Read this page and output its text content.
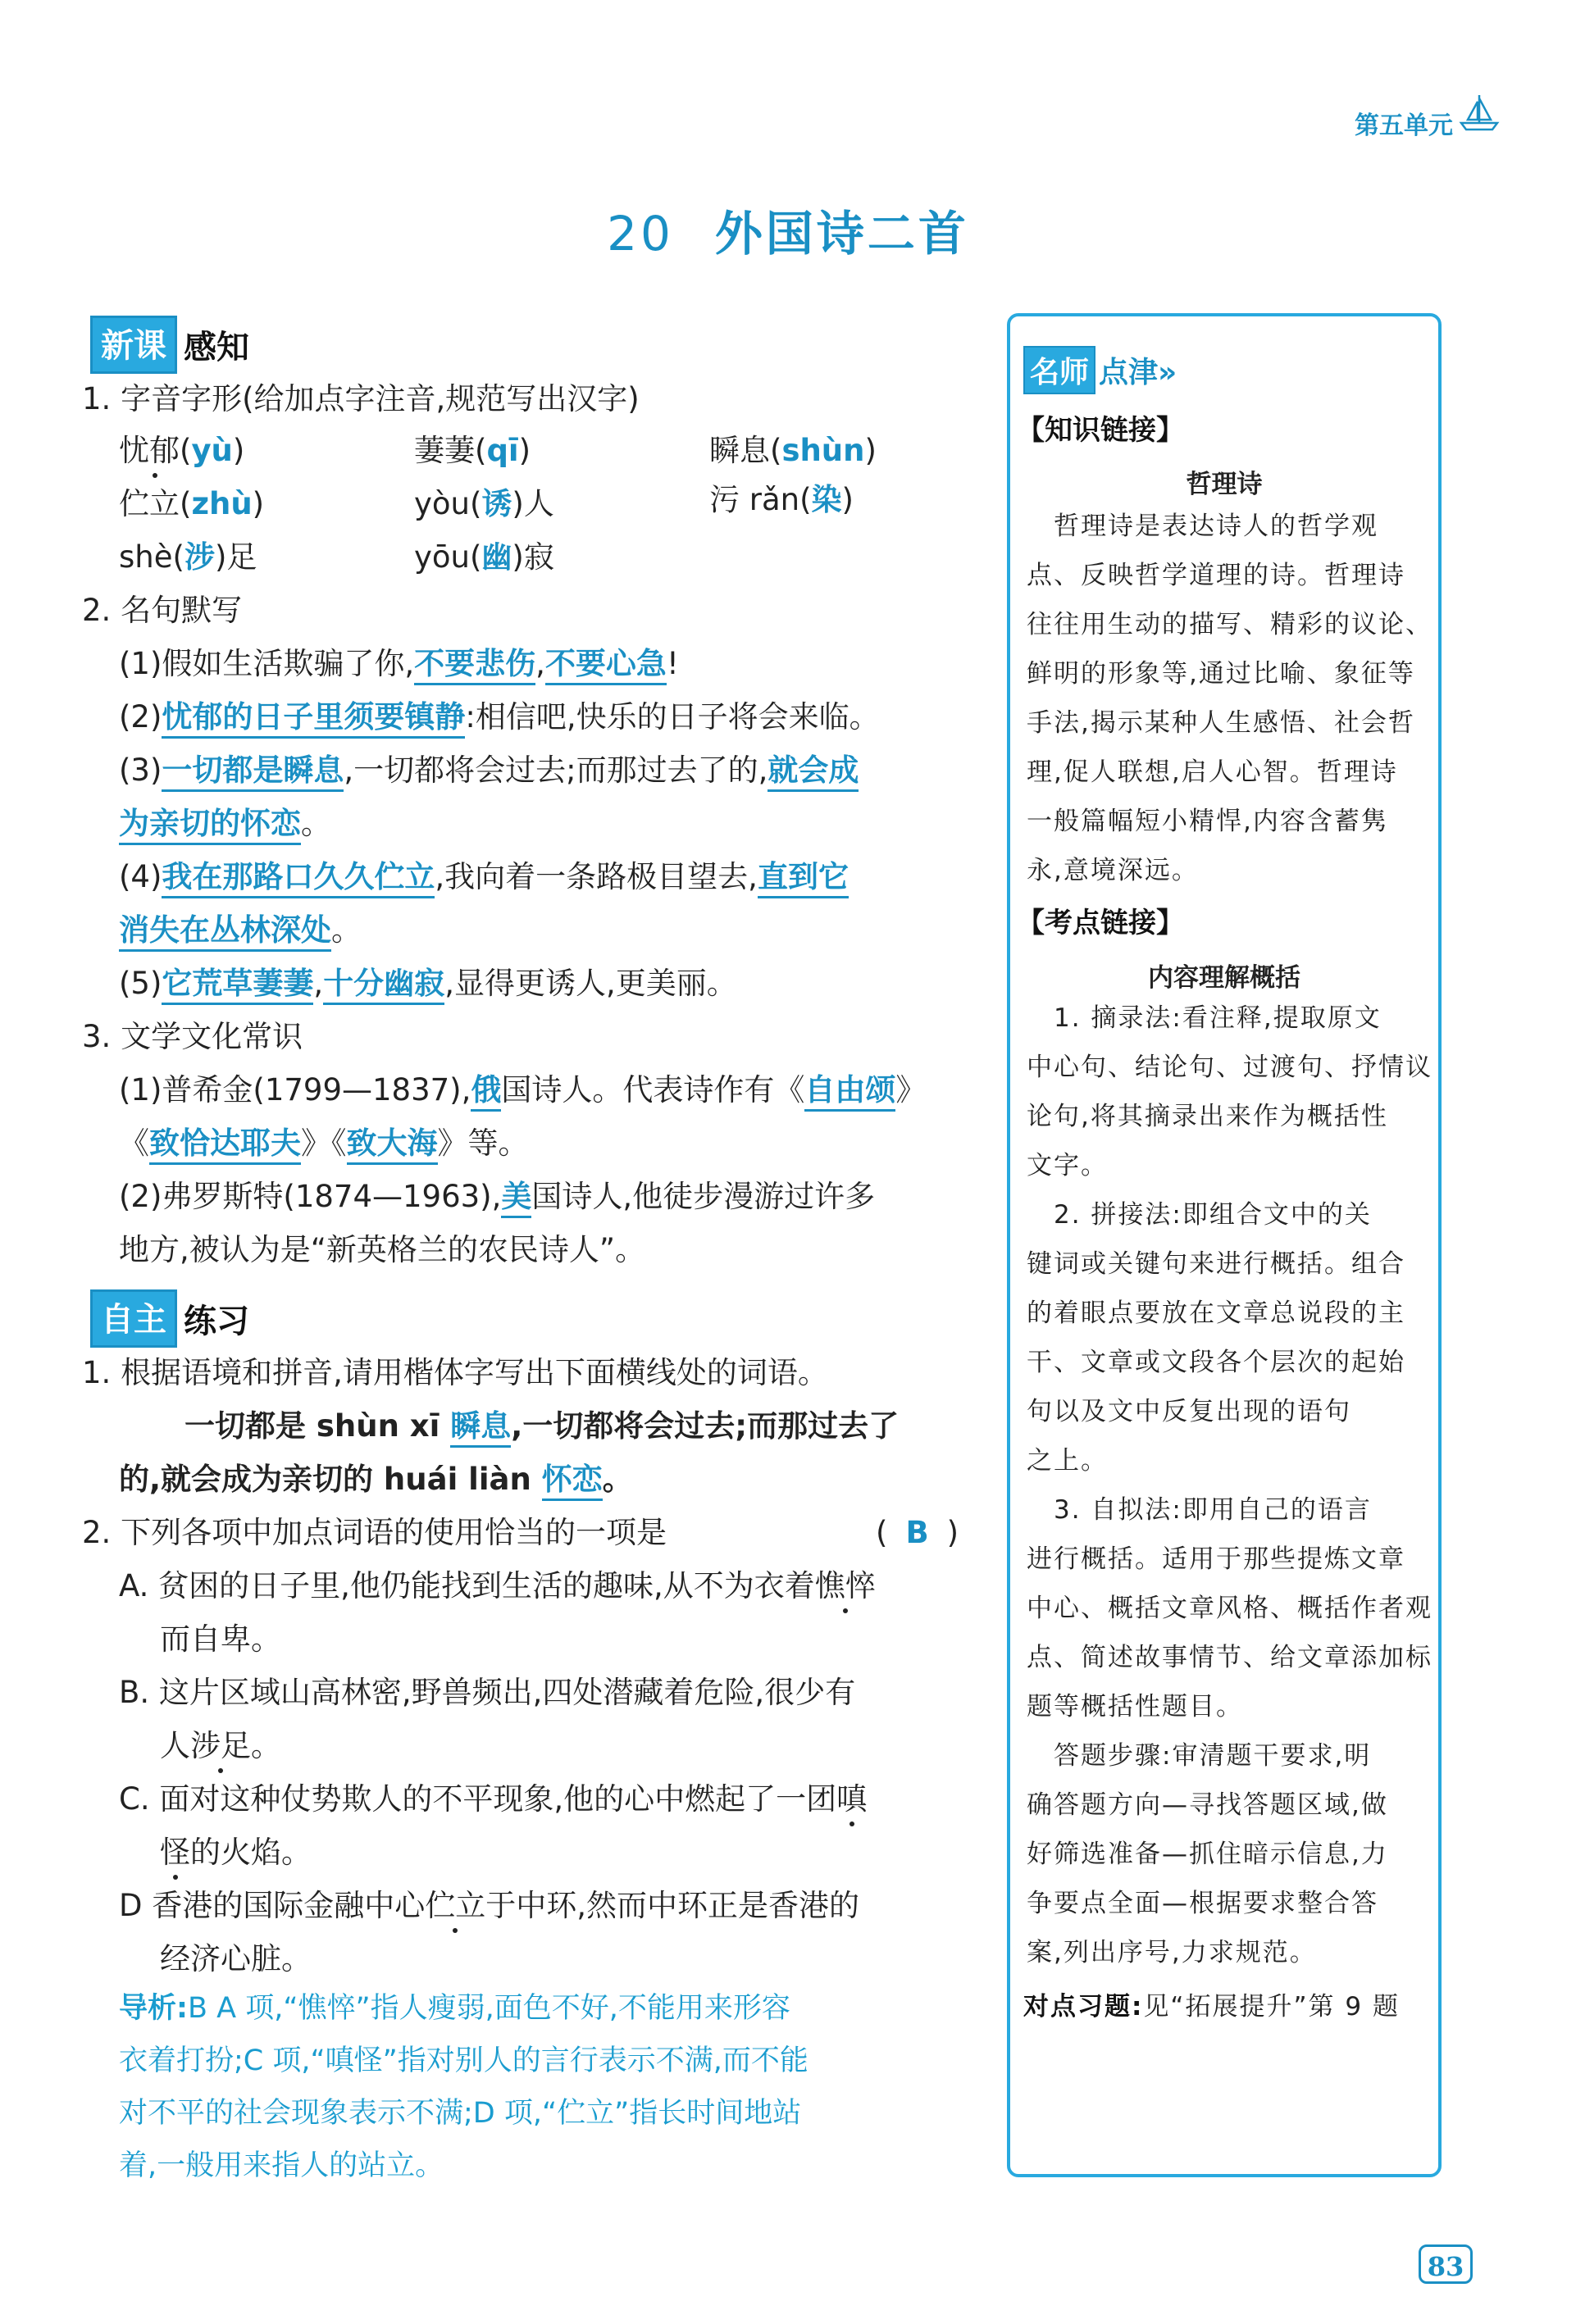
第五单元
20 外国诗二首
新课 感知
1. 字音字形(给加点字注音,规范写出汉字)
忧郁(yù)	萋萋(qī)	瞬息(shùn)
伫立(zhù)	yòu(诱)人	污 rǎn(染)
shè(涉)足	yōu(幽)寂
2. 名句默写
(1)假如生活欺骗了你,不要悲伤,不要心急!
(2)忧郁的日子里须要镇静:相信吧,快乐的日子将会来临。
(3)一切都是瞬息,一切都将会过去;而那过去了的,就会成
为亲切的怀恋。
(4)我在那路口久久伫立,我向着一条路极目望去,直到它
消失在丛林深处。
(5)它荒草萋萋,十分幽寂,显得更诱人,更美丽。
3. 文学文化常识
(1)普希金(1799—1837),俄国诗人。代表诗作有《自由颂》
《致恰达耶夫》《致大海》等。
(2)弗罗斯特(1874—1963),美国诗人,他徒步漫游过许多
地方,被认为是“新英格兰的农民诗人”。
自主 练习
1. 根据语境和拼音,请用楷体字写出下面横线处的词语。
一切都是 shùn xī 瞬息,一切都将会过去;而那过去了
的,就会成为亲切的 huái liàn 怀恋。
2. 下列各项中加点词语的使用恰当的一项是	( B )
A. 贫困的日子里,他仍能找到生活的趣味,从不为衣着憔悴
而自卑。
B. 这片区域山高林密,野兽频出,四处潜藏着危险,很少有
人涉足。
C. 面对这种仗势欺人的不平现象,他的心中燃起了一团嗔
怪的火焰。
D 香港的国际金融中心伫立于中环,然而中环正是香港的
经济心脏。
导析:B A 项,“憔悴”指人瘦弱,面色不好,不能用来形容
衣着打扮;C 项,“嗔怪”指对别人的言行表示不满,而不能
对不平的社会现象表示不满;D 项,“伫立”指长时间地站
着,一般用来指人的站立。
名师 点津»
【知识链接】
哲理诗
　哲理诗是表达诗人的哲学观
点、反映哲学道理的诗。哲理诗
往往用生动的描写、精彩的议论、
鲜明的形象等,通过比喻、象征等
手法,揭示某种人生感悟、社会哲
理,促人联想,启人心智。哲理诗
一般篇幅短小精悍,内容含蓄隽
永,意境深远。
【考点链接】
内容理解概括
　1. 摘录法:看注释,提取原文
中心句、结论句、过渡句、抒情议
论句,将其摘录出来作为概括性
文字。
　2. 拼接法:即组合文中的关
键词或关键句来进行概括。组合
的着眼点要放在文章总说段的主
干、文章或文段各个层次的起始
句以及文中反复出现的语句
之上。
　3. 自拟法:即用自己的语言
进行概括。适用于那些提炼文章
中心、概括文章风格、概括作者观
点、简述故事情节、给文章添加标
题等概括性题目。
　答题步骤:审清题干要求,明
确答题方向—寻找答题区域,做
好筛选准备—抓住暗示信息,力
争要点全面—根据要求整合答
案,列出序号,力求规范。
对点习题:见“拓展提升”第 9 题
83
